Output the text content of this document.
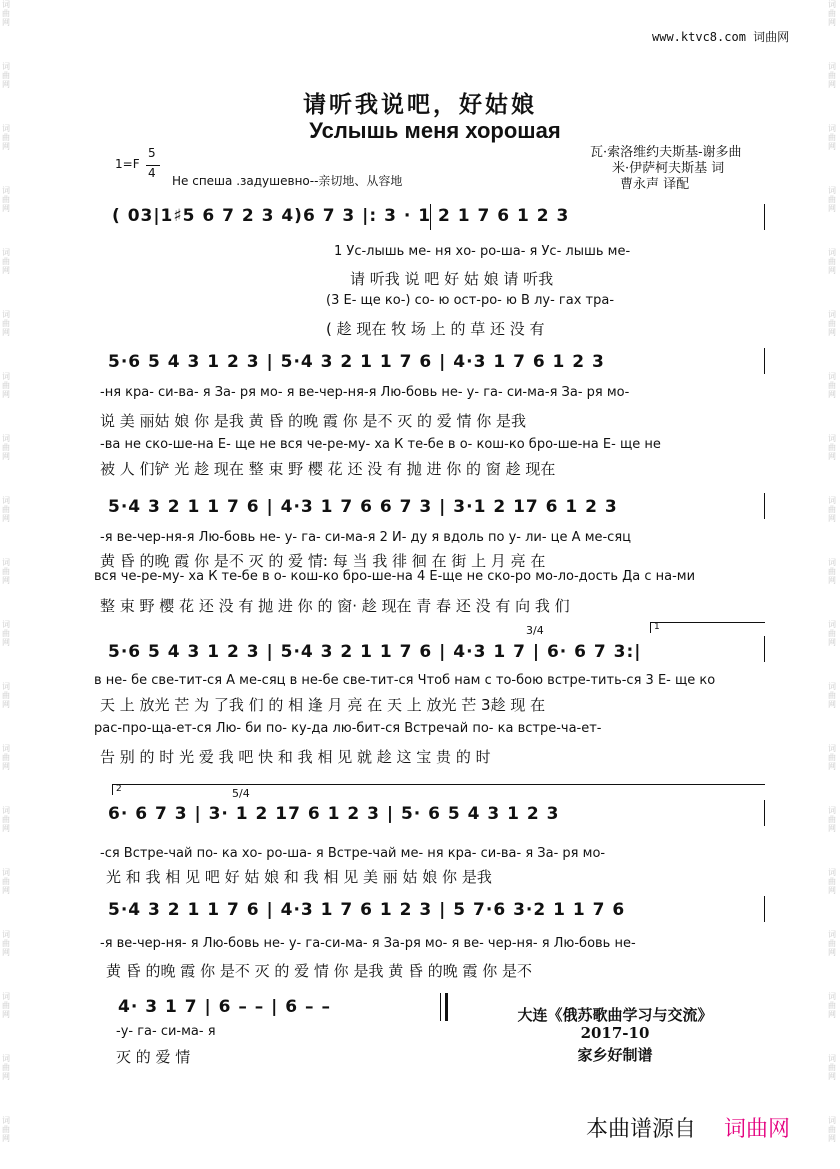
词
曲
网
词
曲
网
词
曲
网
词
曲
网
词
曲
网
词
曲
网
词
曲
网
词
曲
网
词
曲
网
词
曲
网
词
曲
网
词
曲
网
词
曲
网
词
曲
网
词
曲
网
词
曲
网
词
曲
网
词
曲
网
词
曲
网
词
曲
网
词
曲
网
词
曲
网
词
曲
网
词
曲
网
词
曲
网
词
曲
网
词
曲
网
词
曲
网
词
曲
网
词
曲
网
词
曲
网
词
曲
网
词
曲
网
词
曲
网
词
曲
网
词
曲
网
词
曲
网
词
曲
网
www.ktvc8.com 词曲网
请听我说吧，好姑娘
Услышь меня хорошая
瓦·索洛维约夫斯基-谢多曲
米·伊萨柯夫斯基 词
曹永声 译配
1=F
5
4
Не спеша .задушевно--亲切地、从容地
( 03|1♯5 6 7 2 3 4)6 7 3 |: 3 · 1 2 1 7 6 1 2 3
1 Ус-лышь ме- ня хо- ро-ша- я Ус- лышь ме-
请 听我 说 吧 好 姑 娘 请 听我
(3 Е- ще ко-) со- ю ост-ро- ю В лу- гах тра-
( 趁 现在 牧 场 上 的 草 还 没 有
5·6 5 4 3 1 2 3 | 5·4 3 2 1 1 7 6 | 4·3 1 7 6 1 2 3
-ня кра- си-ва- я За- ря мо- я ве-чер-ня-я Лю-бовь не- у- га- си-ма-я За- ря мо-
说 美 丽姑 娘 你 是我 黄 昏 的晚 霞 你 是不 灭 的 爱 情 你 是我
-ва не ско-ше-на Е- ще не вся че-ре-му- ха К те-бе в о- кош-ко бро-ше-на Е- ще не
被 人 们铲 光 趁 现在 整 束 野 樱 花 还 没 有 抛 进 你 的 窗 趁 现在
5·4 3 2 1 1 7 6 | 4·3 1 7 6 6 7 3 | 3·1 2 17 6 1 2 3
-я ве-чер-ня-я Лю-бовь не- у- га- си-ма-я 2 И- ду я вдоль по у- ли- це А ме-сяц
黄 昏 的晚 霞 你 是不 灭 的 爱 情: 每 当 我 徘 徊 在 街 上 月 亮 在
вся че-ре-му- ха К те-бе в о- кош-ко бро-ше-на 4 Е-ще не ско-ро мо-ло-дость Да с на-ми
整 束 野 樱 花 还 没 有 抛 进 你 的 窗· 趁 现在 青 春 还 没 有 向 我 们
3/4	1
5·6 5 4 3 1 2 3 | 5·4 3 2 1 1 7 6 | 4·3 1 7 | 6· 6 7 3:|
в не- бе све-тит-ся А ме-сяц в не-бе све-тит-ся Чтоб нам с то-бою встре-тить-ся 3 Е- ще ко
天 上 放光 芒 为 了我 们 的 相 逢 月 亮 在 天 上 放光 芒 3趁 现 在
рас-про-ща-ет-ся Лю- би по- ку-да лю-бит-ся Встречай по- ка встре-ча-ет-
告 别 的 时 光 爱 我 吧 快 和 我 相 见 就 趁 这 宝 贵 的 时
2	5/4
6· 6 7 3 | 3· 1 2 17 6 1 2 3 | 5· 6 5 4 3 1 2 3
-ся Встре-чай по- ка хо- ро-ша- я Встре-чай ме- ня кра- си-ва- я За- ря мо-
光 和 我 相 见 吧 好 姑 娘 和 我 相 见 美 丽 姑 娘 你 是我
5·4 3 2 1 1 7 6 | 4·3 1 7 6 1 2 3 | 5 7·6 3·2 1 1 7 6
-я ве-чер-ня- я Лю-бовь не- у- га-си-ма- я За-ря мо- я ве- чер-ня- я Лю-бовь не-
黄 昏 的晚 霞 你 是不 灭 的 爱 情 你 是我 黄 昏 的晚 霞 你 是不
4· 3 1 7 | 6 – – | 6 – –
-у- га- си-ма- я
灭 的 爱 情
大连《俄苏歌曲学习与交流》
2017-10
家乡好制谱
本曲谱源自 词曲网
